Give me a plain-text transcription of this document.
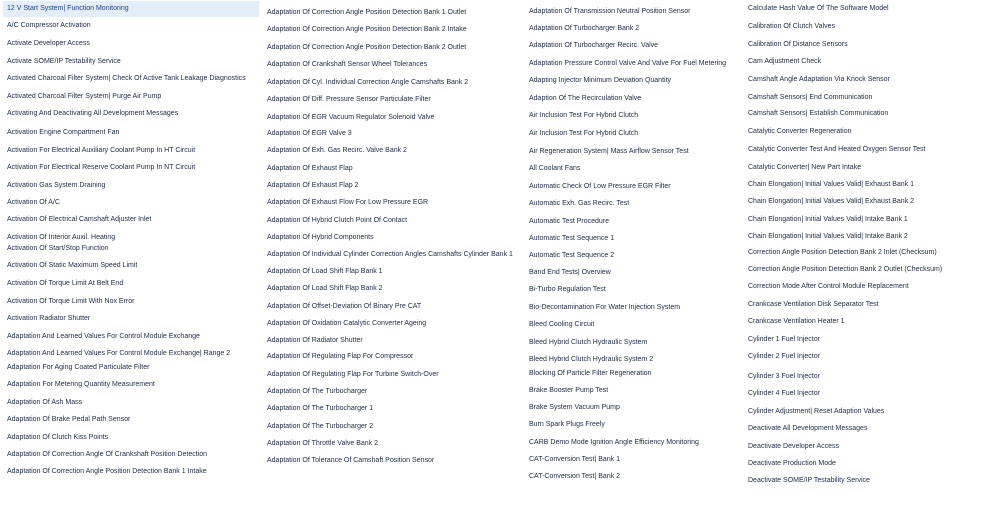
12 V Start System| Function Monitoring
A/C Compressor Activation
Activate Developer Access
Activate SOME/IP Testability Service
Activated Charcoal Filter System| Check Of Active Tank Leakage Diagnostics
Activated Charcoal Filter System| Purge Air Pump
Activating And Deactivating All Development Messages
Activation Engine Compartment Fan
Activation For Electrical Auxiliary Coolant Pump In HT Circuit
Activation For Electrical Reserve Coolant Pump In NT Circuit
Activation Gas System Draining
Activation Of A/C
Activation Of Electrical Camshaft Adjuster Inlet
Activation Of Interior Auxil. Heating
Activation Of Start/Stop Function
Activation Of Static Maximum Speed Limit
Activation Of Torque Limit At Belt End
Activation Of Torque Limit With Nox Error
Activation Radiator Shutter
Adaptation And Learned Values For Control Module Exchange
Adaptation And Learned Values For Control Module Exchange| Range 2
Adaptation For Aging Coated Particulate Filter
Adaptation For Metering Quantity Measurement
Adaptation Of Ash Mass
Adaptation Of Brake Pedal Path Sensor
Adaptation Of Clutch Kiss Points
Adaptation Of Correction Angle Of Crankshaft Position Detection
Adaptation Of Correction Angle Position Detection Bank 1 Intake
Adaptation Of Correction Angle Position Detection Bank 1 Outlet
Adaptation Of Correction Angle Position Detection Bank 2 Intake
Adaptation Of Correction Angle Position Detection Bank 2 Outlet
Adaptation Of Crankshaft Sensor Wheel Tolerances
Adaptation Of Cyl. Individual Correction Angle Camshafts Bank 2
Adaptation Of Diff. Pressure Sensor Particulate Filter
Adaptation Of EGR Vacuum Regulator Solenoid Valve
Adaptation Of EGR Valve 3
Adaptation Of Exh. Gas Recirc. Valve Bank 2
Adaptation Of Exhaust Flap
Adaptation Of Exhaust Flap 2
Adaptation Of Exhaust Flow For Low Pressure EGR
Adaptation Of Hybrid Clutch Point Of Contact
Adaptation Of Hybrid Components
Adaptation Of Individual Cylinder Correction Angles Camshafts Cylinder Bank 1
Adaptation Of Load Shift Flap Bank 1
Adaptation Of Load Shift Flap Bank 2
Adaptation Of Offset-Deviation Of Binary Pre CAT
Adaptation Of Oxidation Catalytic Converter Ageing
Adaptation Of Radiator Shutter
Adaptation Of Regulating Flap For Compressor
Adaptation Of Regulating Flap For Turbine Switch-Over
Adaptation Of The Turbocharger
Adaptation Of The Turbocharger 1
Adaptation Of The Turbocharger 2
Adaptation Of Throttle Valve Bank 2
Adaptation Of Tolerance Of Camshaft Position Sensor
Adaptation Of Transmission Neutral Position Sensor
Adaptation Of Turbocharger Bank 2
Adaptation Of Turbocharger Recirc. Valve
Adaptation Pressure Control Valve And Valve For Fuel Metering
Adapting Injector Minimum Deviation Quantity
Adaption Of The Recirculation Valve
Air Inclusion Test For Hybrid Clutch
Air Inclusion Test For Hybrid Clutch
Air Regeneration System| Mass Airflow Sensor Test
All Coolant Fans
Automatic Check Of Low Pressure EGR Filter
Automatic Exh. Gas Recirc. Test
Automatic Test Procedure
Automatic Test Sequence 1
Automatic Test Sequence 2
Band End Tests| Overview
Bi-Turbo Regulation Test
Bio-Decontamination For Water Injection System
Bleed Cooling Circuit
Bleed Hybrid Clutch Hydraulic System
Bleed Hybrid Clutch Hydraulic System 2
Blocking Of Particle Filter Regeneration
Brake Booster Pump Test
Brake System Vacuum Pump
Burn Spark Plugs Freely
CARB Demo Mode Ignition Angle Efficiency Monitoring
CAT-Conversion Test| Bank 1
CAT-Conversion Test| Bank 2
Calculate Hash Value Of The Software Model
Calibration Of Clutch Valves
Calibration Of Distance Sensors
Cam Adjustment Check
Camshaft Angle Adaptation Via Knock Sensor
Camshaft Sensors| End Communication
Camshaft Sensors| Establish Communication
Catalytic Converter Regeneration
Catalytic Converter Test And Heated Oxygen Sensor Test
Catalytic Converter| New Part Intake
Chain Elongation| Initial Values Valid| Exhaust Bank 1
Chain Elongation| Initial Values Valid| Exhaust Bank 2
Chain Elongation| Initial Values Valid| Intake Bank 1
Chain Elongation| Initial Values Valid| Intake Bank 2
Correction Angle Position Detection Bank 2 Inlet (Checksum)
Correction Angle Position Detection Bank 2 Outlet (Checksum)
Correction Mode After Control Module Replacement
Crankcase Ventilation Disk Separator Test
Crankcase Ventilation Heater 1
Cylinder 1 Fuel Injector
Cylinder 2 Fuel Injector
Cylinder 3 Fuel Injector
Cylinder 4 Fuel Injector
Cylinder Adjustment| Reset Adaption Values
Deactivate All Development Messages
Deactivate Developer Access
Deactivate Production Mode
Deactivate SOME/IP Testability Service
